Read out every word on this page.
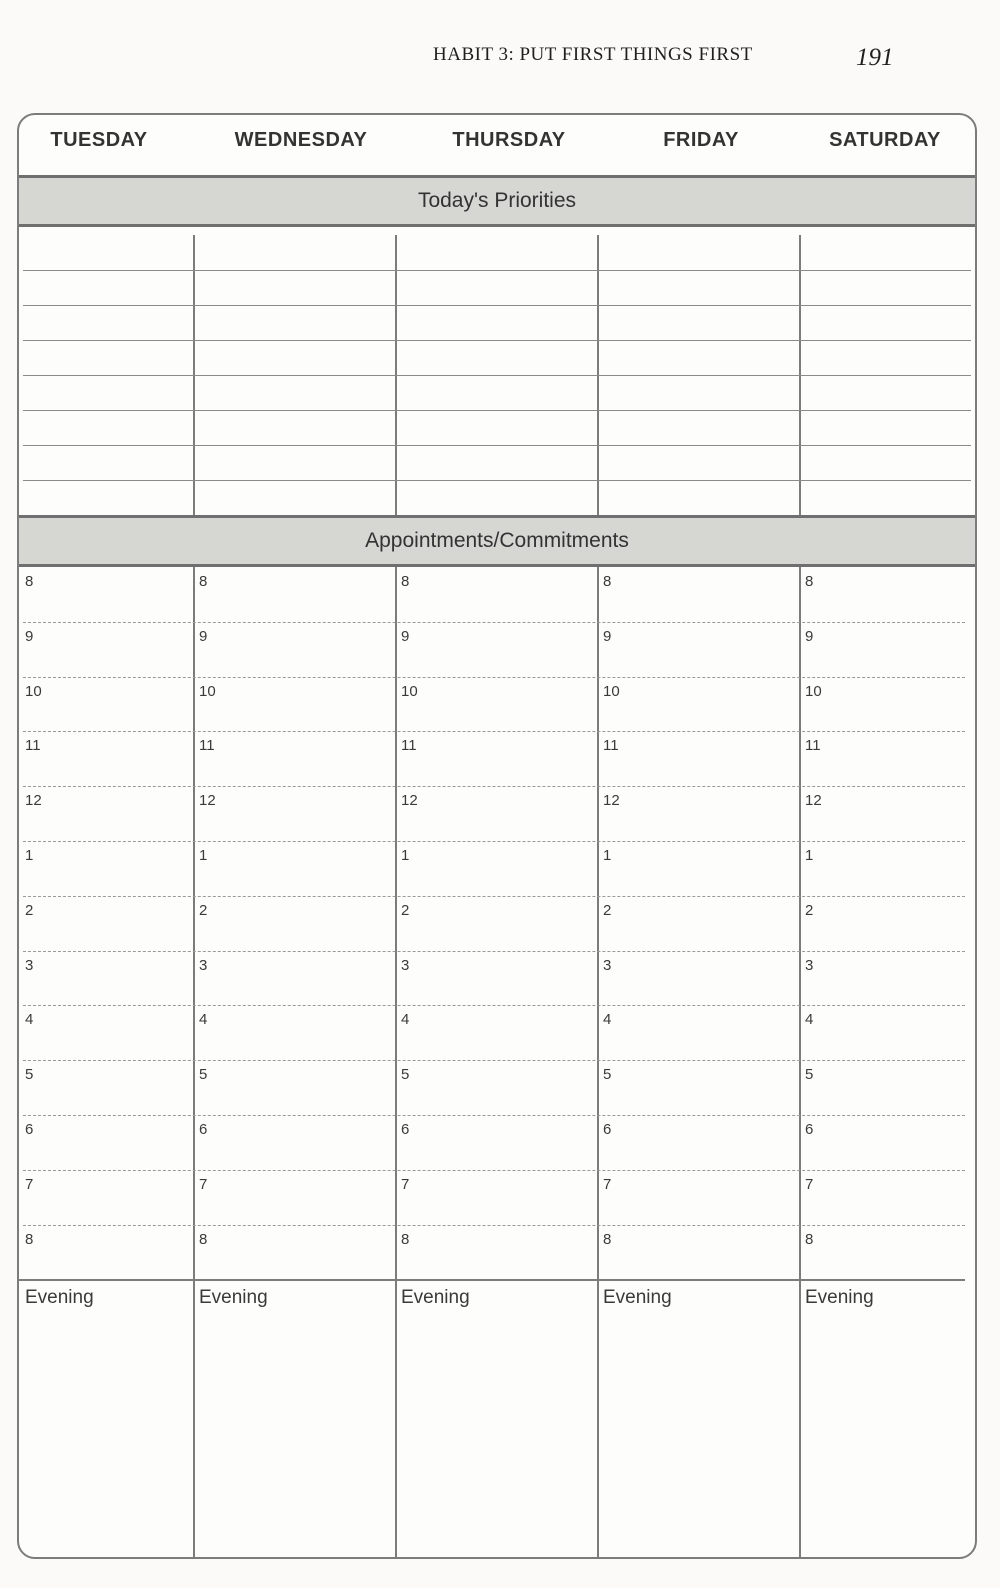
HABIT 3: PUT FIRST THINGS FIRST	191
TUESDAY	WEDNESDAY	THURSDAY	FRIDAY	SATURDAY
Today's Priorities
Appointments/Commitments
8	8	8	8	8
9	9	9	9	9
10	10	10	10	10
11	11	11	11	11
12	12	12	12	12
1	1	1	1	1
2	2	2	2	2
3	3	3	3	3
4	4	4	4	4
5	5	5	5	5
6	6	6	6	6
7	7	7	7	7
8	8	8	8	8
Evening	Evening	Evening	Evening	Evening
